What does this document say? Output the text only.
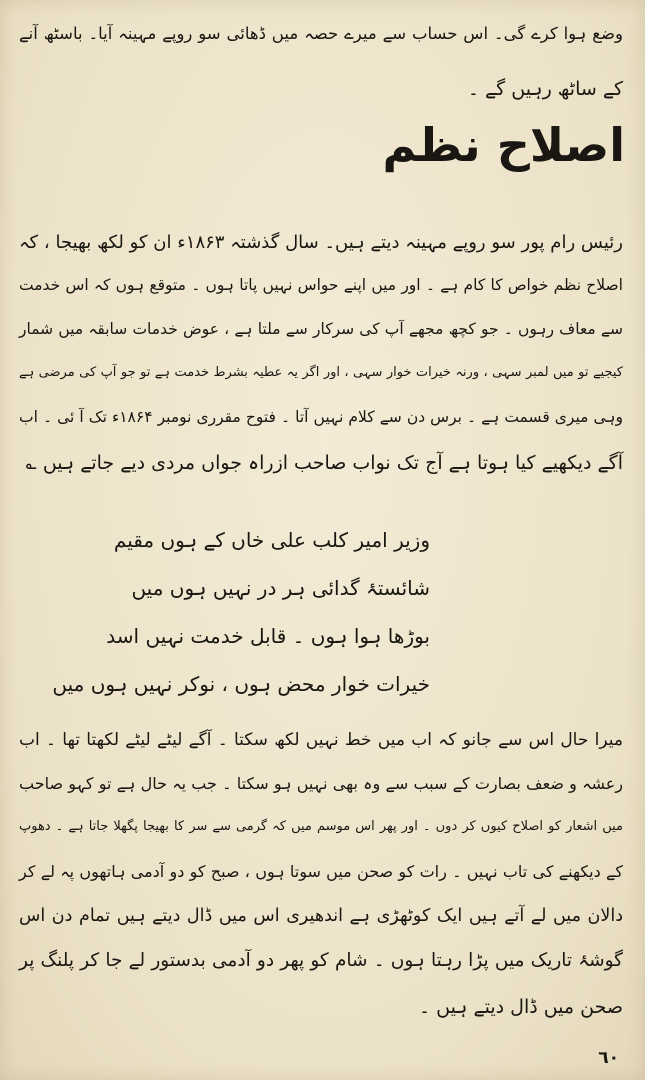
وضع ہوا کرے گی۔ اس حساب سے میرے حصہ میں ڈھائی سو روپے مہینہ آیا۔ باسٹھ آنے
کے ساٹھ رہیں گے ۔
اصلاح نظم
رئیس رام پور سو روپے مہینہ دیتے ہیں۔ سال گذشتہ ۱۸۶۳ء ان کو لکھ بھیجا ، کہ
اصلاح نظم خواص کا کام ہے ۔ اور میں اپنے حواس نہیں پاتا ہوں ۔ متوقع ہوں کہ اس خدمت
سے معاف رہوں ۔ جو کچھ مجھے آپ کی سرکار سے ملتا ہے ، عوض خدمات سابقہ میں شمار
کیجیے تو میں لمبر سہی ، ورنہ خیرات خوار سہی ، اور اگر یہ عطیہ بشرط خدمت ہے تو جو آپ کی مرضی ہے
وہی میری قسمت ہے ۔ برس دن سے کلام نہیں آتا ۔ فتوح مقرری نومبر ۱۸۶۴ء تک آ ئی ۔ اب
آگے دیکھیے کیا ہوتا ہے آج تک نواب صاحب ازراہ جواں مردی دیے جاتے ہیں ؎
وزیر امیر کلب علی خاں کے ہوں مقیم
شائستۂ گدائی ہر در نہیں ہوں میں
بوڑھا ہوا ہوں ۔ قابل خدمت نہیں اسد
خیرات خوار محض ہوں ، نوکر نہیں ہوں میں
میرا حال اس سے جانو کہ اب میں خط نہیں لکھ سکتا ۔ آگے لیٹے لیٹے لکھتا تھا ۔ اب
رعشہ و ضعف بصارت کے سبب سے وہ بھی نہیں ہو سکتا ۔ جب یہ حال ہے تو کہو صاحب
میں اشعار کو اصلاح کیوں کر دوں ۔ اور پھر اس موسم میں کہ گرمی سے سر کا بھیجا پگھلا جاتا ہے ۔ دھوپ
کے دیکھنے کی تاب نہیں ۔ رات کو صحن میں سوتا ہوں ، صبح کو دو آدمی ہاتھوں پہ لے کر
دالان میں لے آتے ہیں ایک کوٹھڑی ہے اندھیری اس میں ڈال دیتے ہیں تمام دن اس
گوشۂ تاریک میں پڑا رہتا ہوں ۔ شام کو پھر دو آدمی بدستور لے جا کر پلنگ پر
صحن میں ڈال دیتے ہیں ۔
٦٠
